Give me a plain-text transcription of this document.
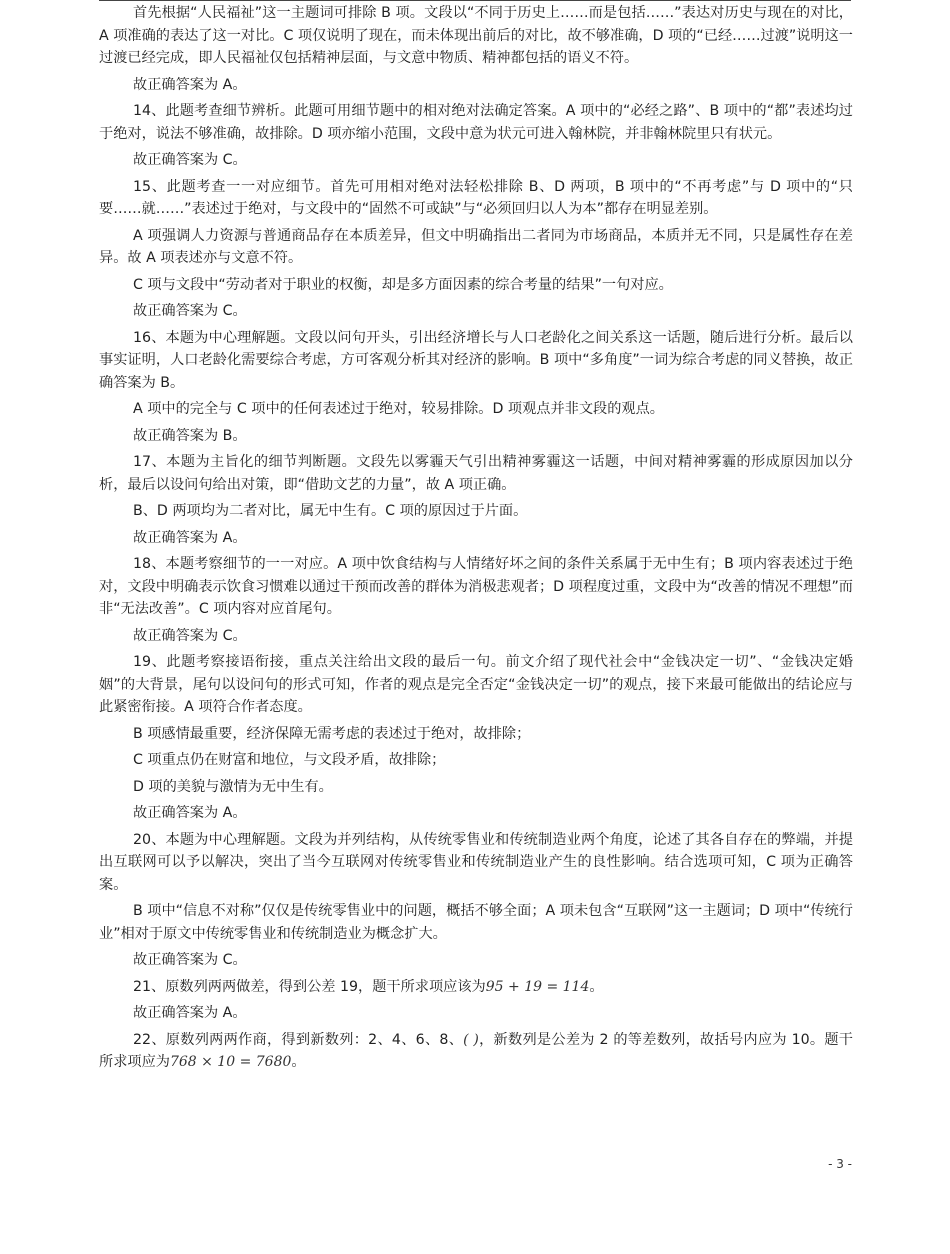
首先根据“人民福祉”这一主题词可排除 B 项。文段以“不同于历史上……而是包括……”表达对历史与现在的对比，A 项准确的表达了这一对比。C 项仅说明了现在，而未体现出前后的对比，故不够准确，D 项的“已经……过渡”说明这一过渡已经完成，即人民福祉仅包括精神层面，与文意中物质、精神都包括的语义不符。

故正确答案为 A。

14、此题考查细节辨析。此题可用细节题中的相对绝对法确定答案。A 项中的“必经之路”、B 项中的“都”表述均过于绝对，说法不够准确，故排除。D 项亦缩小范围，文段中意为状元可进入翰林院，并非翰林院里只有状元。

故正确答案为 C。

15、此题考查一一对应细节。首先可用相对绝对法轻松排除 B、D 两项，B 项中的“不再考虑”与 D 项中的“只要……就……”表述过于绝对，与文段中的“固然不可或缺”与“必须回归以人为本”都存在明显差别。

A 项强调人力资源与普通商品存在本质差异，但文中明确指出二者同为市场商品，本质并无不同，只是属性存在差异。故 A 项表述亦与文意不符。

C 项与文段中“劳动者对于职业的权衡，却是多方面因素的综合考量的结果”一句对应。

故正确答案为 C。

16、本题为中心理解题。文段以问句开头，引出经济增长与人口老龄化之间关系这一话题，随后进行分析。最后以事实证明，人口老龄化需要综合考虑，方可客观分析其对经济的影响。B 项中“多角度”一词为综合考虑的同义替换，故正确答案为 B。

A 项中的完全与 C 项中的任何表述过于绝对，较易排除。D 项观点并非文段的观点。

故正确答案为 B。

17、本题为主旨化的细节判断题。文段先以雾霾天气引出精神雾霾这一话题，中间对精神雾霾的形成原因加以分析，最后以设问句给出对策，即“借助文艺的力量”，故 A 项正确。

B、D 两项均为二者对比，属无中生有。C 项的原因过于片面。

故正确答案为 A。

18、本题考察细节的一一对应。A 项中饮食结构与人情绪好坏之间的条件关系属于无中生有；B 项内容表述过于绝对，文段中明确表示饮食习惯难以通过干预而改善的群体为消极悲观者；D 项程度过重，文段中为“改善的情况不理想”而非“无法改善”。C 项内容对应首尾句。

故正确答案为 C。

19、此题考察接语衔接，重点关注给出文段的最后一句。前文介绍了现代社会中“金钱决定一切”、“金钱决定婚姻”的大背景，尾句以设问句的形式可知，作者的观点是完全否定“金钱决定一切”的观点，接下来最可能做出的结论应与此紧密衔接。A 项符合作者态度。

B 项感情最重要，经济保障无需考虑的表述过于绝对，故排除；

C 项重点仍在财富和地位，与文段矛盾，故排除；

D 项的美貌与激情为无中生有。

故正确答案为 A。

20、本题为中心理解题。文段为并列结构，从传统零售业和传统制造业两个角度，论述了其各自存在的弊端，并提出互联网可以予以解决，突出了当今互联网对传统零售业和传统制造业产生的良性影响。结合选项可知，C 项为正确答案。

B 项中“信息不对称”仅仅是传统零售业中的问题，概括不够全面；A 项未包含“互联网”这一主题词；D 项中“传统行业”相对于原文中传统零售业和传统制造业为概念扩大。

故正确答案为 C。

21、原数列两两做差，得到公差 19，题干所求项应该为95 + 19 = 114。

故正确答案为 A。

22、原数列两两作商，得到新数列：2、4、6、8、( )，新数列是公差为 2 的等差数列，故括号内应为 10。题干所求项应为768 × 10 = 7680。

- 3 -
